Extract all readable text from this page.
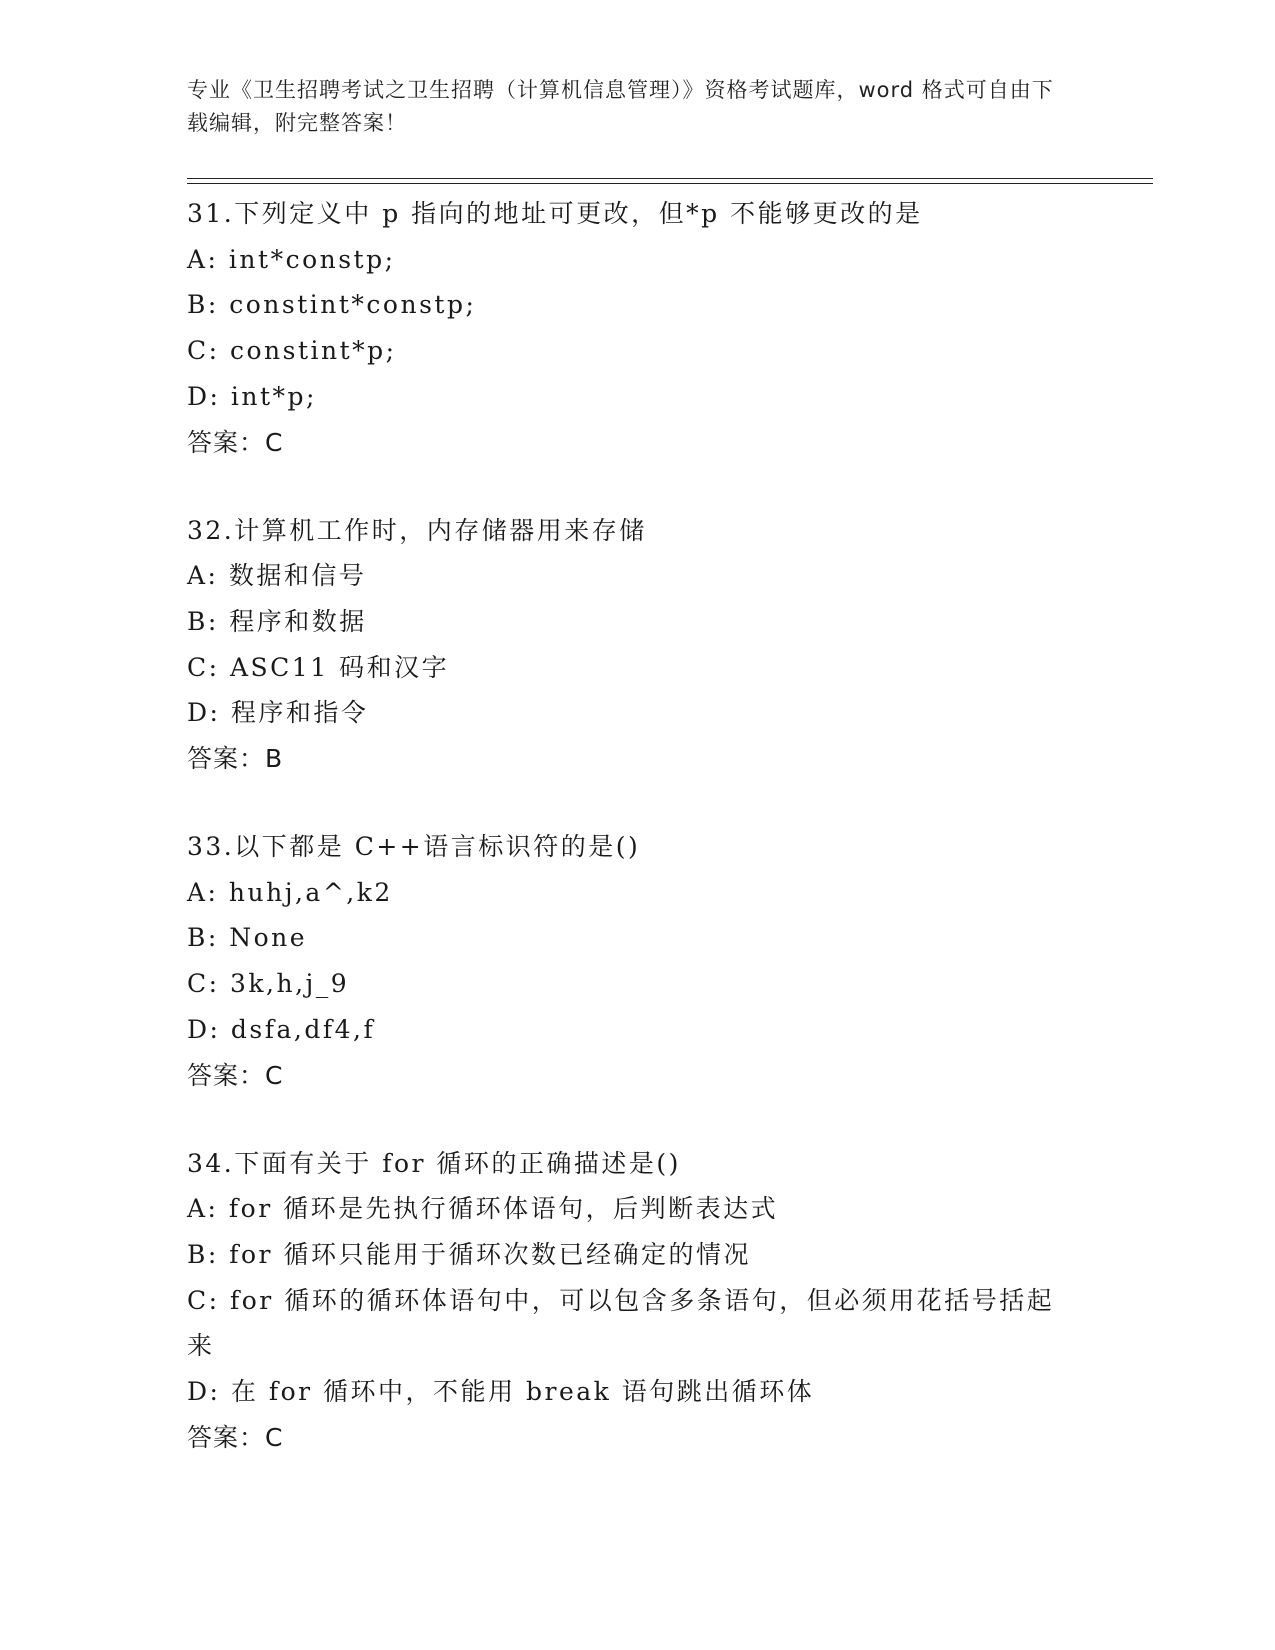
专业《卫生招聘考试之卫生招聘（计算机信息管理）》资格考试题库，word 格式可自由下载编辑，附完整答案！
31.下列定义中 p 指向的地址可更改，但*p 不能够更改的是
A: int*constp;
B: constint*constp;
C: constint*p;
D: int*p;
答案：C
32.计算机工作时，内存储器用来存储
A: 数据和信号
B: 程序和数据
C: ASC11 码和汉字
D: 程序和指令
答案：B
33.以下都是 C++语言标识符的是()
A: huhj,a^,k2
B: None
C: 3k,h,j_9
D: dsfa,df4,f
答案：C
34.下面有关于 for 循环的正确描述是()
A: for 循环是先执行循环体语句，后判断表达式
B: for 循环只能用于循环次数已经确定的情况
C: for 循环的循环体语句中，可以包含多条语句，但必须用花括号括起来
D: 在 for 循环中，不能用 break 语句跳出循环体
答案：C
